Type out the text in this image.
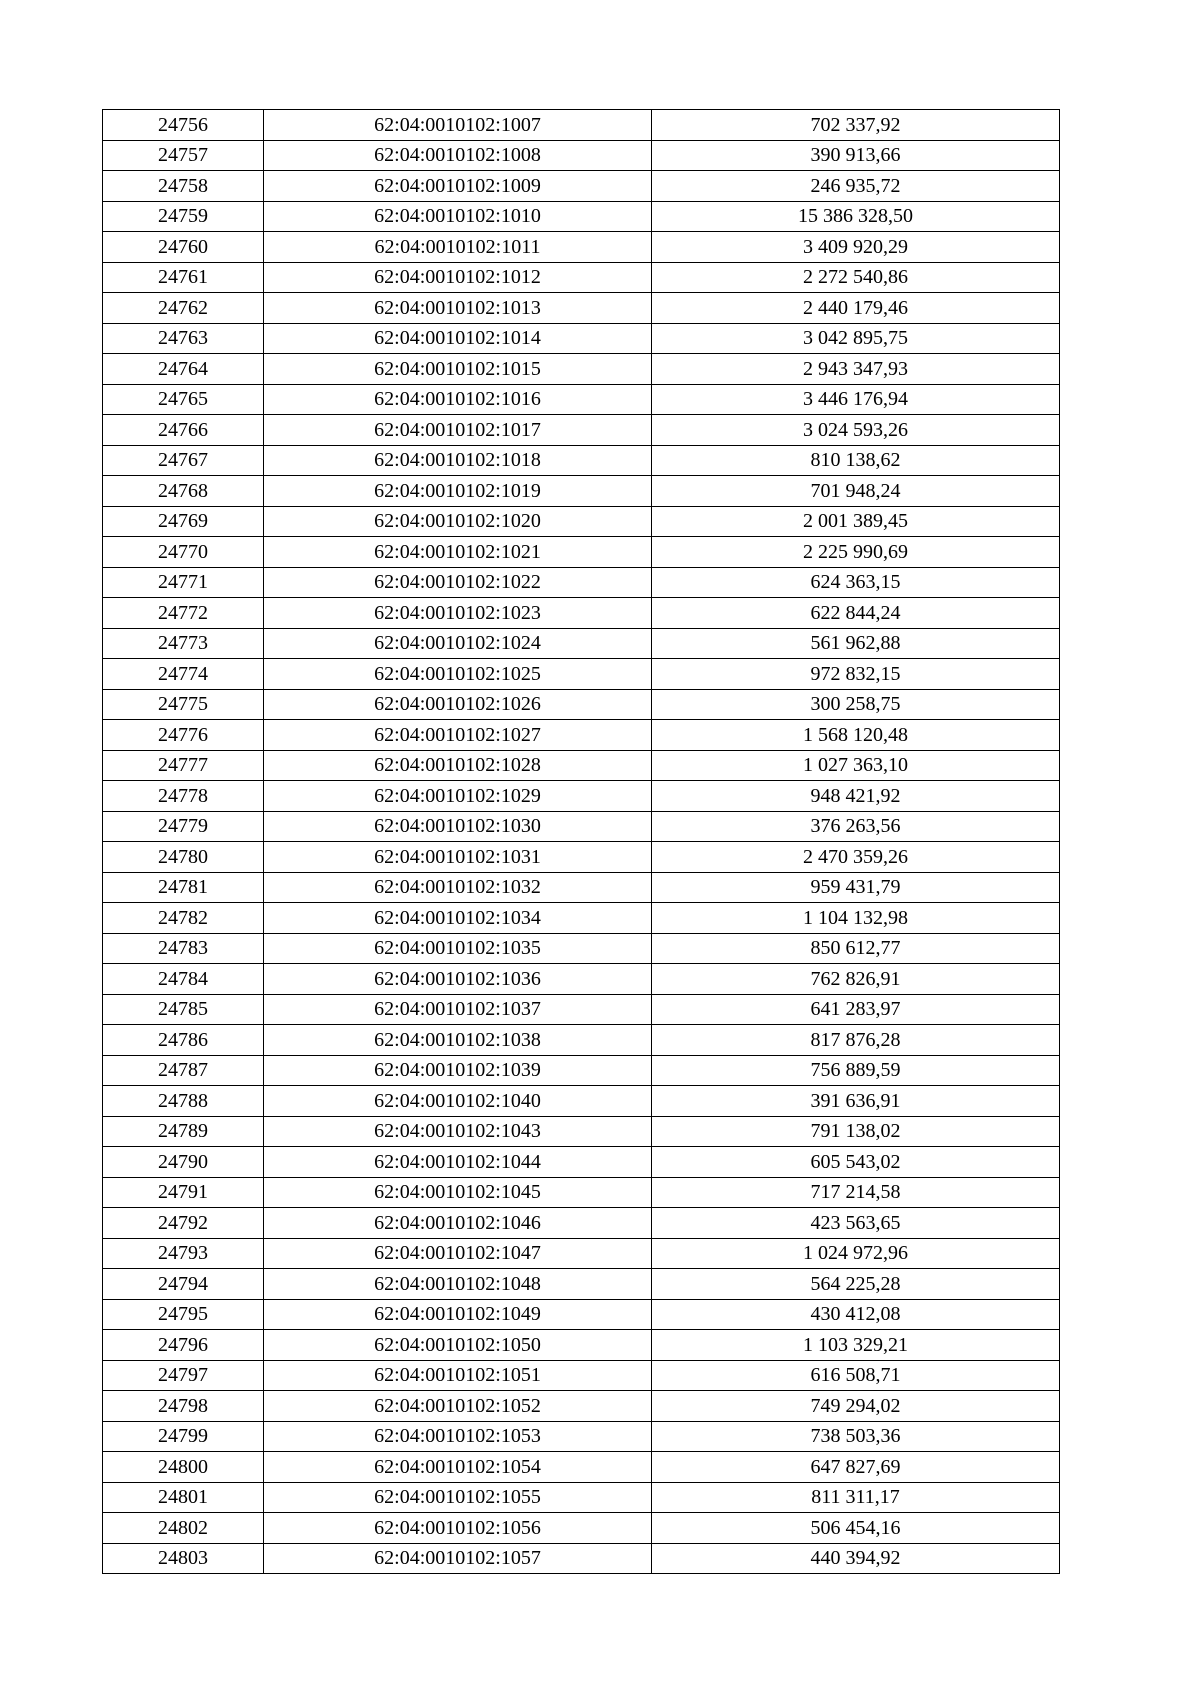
24756	62:04:0010102:1007	702 337,92
24757	62:04:0010102:1008	390 913,66
24758	62:04:0010102:1009	246 935,72
24759	62:04:0010102:1010	15 386 328,50
24760	62:04:0010102:1011	3 409 920,29
24761	62:04:0010102:1012	2 272 540,86
24762	62:04:0010102:1013	2 440 179,46
24763	62:04:0010102:1014	3 042 895,75
24764	62:04:0010102:1015	2 943 347,93
24765	62:04:0010102:1016	3 446 176,94
24766	62:04:0010102:1017	3 024 593,26
24767	62:04:0010102:1018	810 138,62
24768	62:04:0010102:1019	701 948,24
24769	62:04:0010102:1020	2 001 389,45
24770	62:04:0010102:1021	2 225 990,69
24771	62:04:0010102:1022	624 363,15
24772	62:04:0010102:1023	622 844,24
24773	62:04:0010102:1024	561 962,88
24774	62:04:0010102:1025	972 832,15
24775	62:04:0010102:1026	300 258,75
24776	62:04:0010102:1027	1 568 120,48
24777	62:04:0010102:1028	1 027 363,10
24778	62:04:0010102:1029	948 421,92
24779	62:04:0010102:1030	376 263,56
24780	62:04:0010102:1031	2 470 359,26
24781	62:04:0010102:1032	959 431,79
24782	62:04:0010102:1034	1 104 132,98
24783	62:04:0010102:1035	850 612,77
24784	62:04:0010102:1036	762 826,91
24785	62:04:0010102:1037	641 283,97
24786	62:04:0010102:1038	817 876,28
24787	62:04:0010102:1039	756 889,59
24788	62:04:0010102:1040	391 636,91
24789	62:04:0010102:1043	791 138,02
24790	62:04:0010102:1044	605 543,02
24791	62:04:0010102:1045	717 214,58
24792	62:04:0010102:1046	423 563,65
24793	62:04:0010102:1047	1 024 972,96
24794	62:04:0010102:1048	564 225,28
24795	62:04:0010102:1049	430 412,08
24796	62:04:0010102:1050	1 103 329,21
24797	62:04:0010102:1051	616 508,71
24798	62:04:0010102:1052	749 294,02
24799	62:04:0010102:1053	738 503,36
24800	62:04:0010102:1054	647 827,69
24801	62:04:0010102:1055	811 311,17
24802	62:04:0010102:1056	506 454,16
24803	62:04:0010102:1057	440 394,92
